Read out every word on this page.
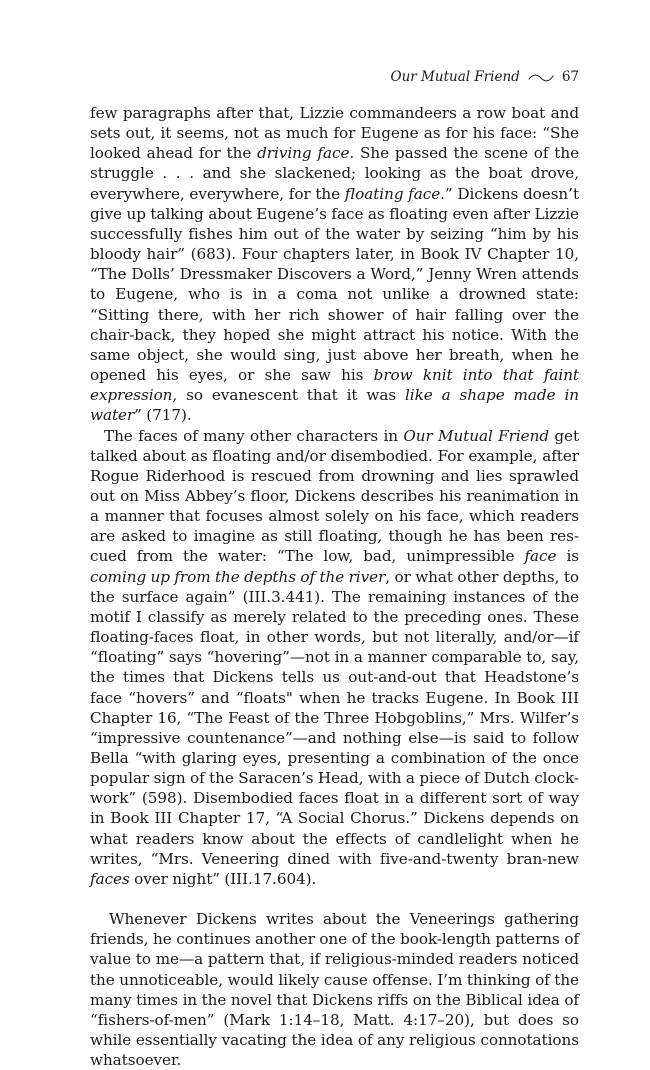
Our Mutual Friend	67

few paragraphs after that, Lizzie commandeers a row boat and sets out, it seems, not as much for Eugene as for his face: “She looked ahead for the driving face. She passed the scene of the struggle . . . and she slackened; looking as the boat drove, everywhere, everywhere, for the floating face.” Dickens doesn’t give up talking about Eugene’s face as floating even after Lizzie successfully fishes him out of the water by seizing “him by his bloody hair” (683). Four chapters later, in Book IV Chapter 10, “The Dolls’ Dressmaker Discovers a Word,” Jenny Wren attends to Eugene, who is in a coma not unlike a drowned state: “Sitting there, with her rich shower of hair falling over the chair-back, they hoped she might attract his notice. With the same object, she would sing, just above her breath, when he opened his eyes, or she saw his brow knit into that faint expression, so evanescent that it was like a shape made in water” (717).

The faces of many other characters in Our Mutual Friend get talked about as floating and/or disembodied. For example, after Rogue Riderhood is rescued from drowning and lies sprawled out on Miss Abbey’s floor, Dickens describes his reanimation in a manner that focuses almost solely on his face, which readers are asked to imagine as still floating, though he has been rescued from the water: “The low, bad, unimpressible face is coming up from the depths of the river, or what other depths, to the surface again” (III.3.441). The remaining instances of the motif I classify as merely related to the preceding ones. These floating-faces float, in other words, but not literally, and/or—if “floating” says “hovering”—not in a manner comparable to, say, the times that Dickens tells us out-and-out that Headstone’s face “hovers” and “floats" when he tracks Eugene. In Book III Chapter 16, “The Feast of the Three Hobgoblins,” Mrs. Wilfer’s “impressive countenance”—and nothing else—is said to follow Bella “with glaring eyes, presenting a combination of the once popular sign of the Saracen’s Head, with a piece of Dutch clock-work” (598). Disembodied faces float in a different sort of way in Book III Chapter 17, “A Social Chorus.” Dickens depends on what readers know about the effects of candlelight when he writes, “Mrs. Veneering dined with five-and-twenty bran-new faces over night” (III.17.604).

Whenever Dickens writes about the Veneerings gathering friends, he continues another one of the book-length patterns of value to me—a pattern that, if religious-minded readers noticed the unnoticeable, would likely cause offense. I’m thinking of the many times in the novel that Dickens riffs on the Biblical idea of “fishers-of-men” (Mark 1:14–18, Matt. 4:17–20), but does so while essentially vacating the idea of any religious connotations whatsoever.
